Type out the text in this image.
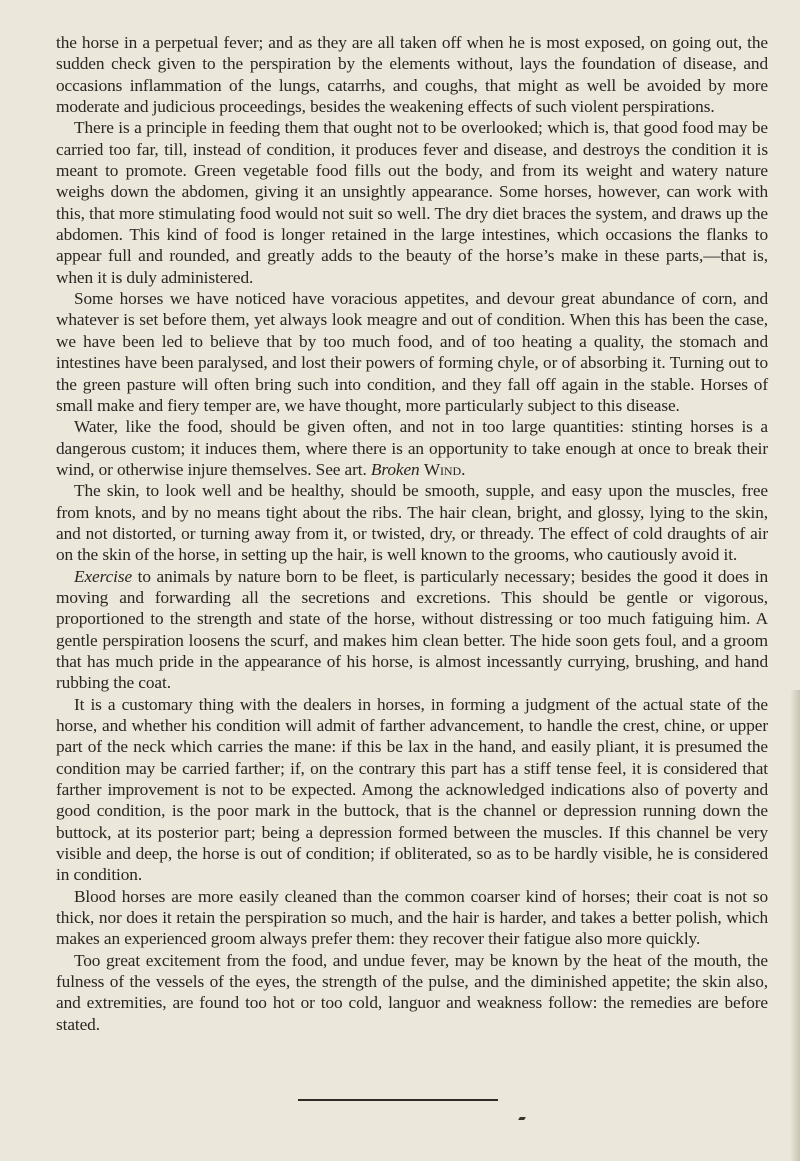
the horse in a perpetual fever; and as they are all taken off when he is most exposed, on going out, the sudden check given to the perspiration by the elements without, lays the foundation of disease, and occasions inflammation of the lungs, catarrhs, and coughs, that might as well be avoided by more moderate and judicious proceedings, besides the weakening effects of such violent perspirations.

There is a principle in feeding them that ought not to be overlooked; which is, that good food may be carried too far, till, instead of condition, it produces fever and disease, and destroys the condition it is meant to promote. Green vegetable food fills out the body, and from its weight and watery nature weighs down the abdomen, giving it an unsightly appearance. Some horses, however, can work with this, that more stimulating food would not suit so well. The dry diet braces the system, and draws up the abdomen. This kind of food is longer retained in the large intestines, which occasions the flanks to appear full and rounded, and greatly adds to the beauty of the horse’s make in these parts,—that is, when it is duly administered.

Some horses we have noticed have voracious appetites, and devour great abundance of corn, and whatever is set before them, yet always look meagre and out of condition. When this has been the case, we have been led to believe that by too much food, and of too heating a quality, the stomach and intestines have been paralysed, and lost their powers of forming chyle, or of absorbing it. Turning out to the green pasture will often bring such into condition, and they fall off again in the stable. Horses of small make and fiery temper are, we have thought, more particularly subject to this disease.

Water, like the food, should be given often, and not in too large quantities: stinting horses is a dangerous custom; it induces them, where there is an opportunity to take enough at once to break their wind, or otherwise injure themselves. See art. Broken Wind.

The skin, to look well and be healthy, should be smooth, supple, and easy upon the muscles, free from knots, and by no means tight about the ribs. The hair clean, bright, and glossy, lying to the skin, and not distorted, or turning away from it, or twisted, dry, or thready. The effect of cold draughts of air on the skin of the horse, in setting up the hair, is well known to the grooms, who cautiously avoid it.

Exercise to animals by nature born to be fleet, is particularly necessary; besides the good it does in moving and forwarding all the secretions and excretions. This should be gentle or vigorous, proportioned to the strength and state of the horse, without distressing or too much fatiguing him. A gentle perspiration loosens the scurf, and makes him clean better. The hide soon gets foul, and a groom that has much pride in the appearance of his horse, is almost incessantly currying, brushing, and hand rubbing the coat.

It is a customary thing with the dealers in horses, in forming a judgment of the actual state of the horse, and whether his condition will admit of farther advancement, to handle the crest, chine, or upper part of the neck which carries the mane: if this be lax in the hand, and easily pliant, it is presumed the condition may be carried farther; if, on the contrary this part has a stiff tense feel, it is considered that farther improvement is not to be expected. Among the acknowledged indications also of poverty and good condition, is the poor mark in the buttock, that is the channel or depression running down the buttock, at its posterior part; being a depression formed between the muscles. If this channel be very visible and deep, the horse is out of condition; if obliterated, so as to be hardly visible, he is considered in condition.

Blood horses are more easily cleaned than the common coarser kind of horses; their coat is not so thick, nor does it retain the perspiration so much, and the hair is harder, and takes a better polish, which makes an experienced groom always prefer them: they recover their fatigue also more quickly.

Too great excitement from the food, and undue fever, may be known by the heat of the mouth, the fulness of the vessels of the eyes, the strength of the pulse, and the diminished appetite; the skin also, and extremities, are found too hot or too cold, languor and weakness follow: the remedies are before stated.
